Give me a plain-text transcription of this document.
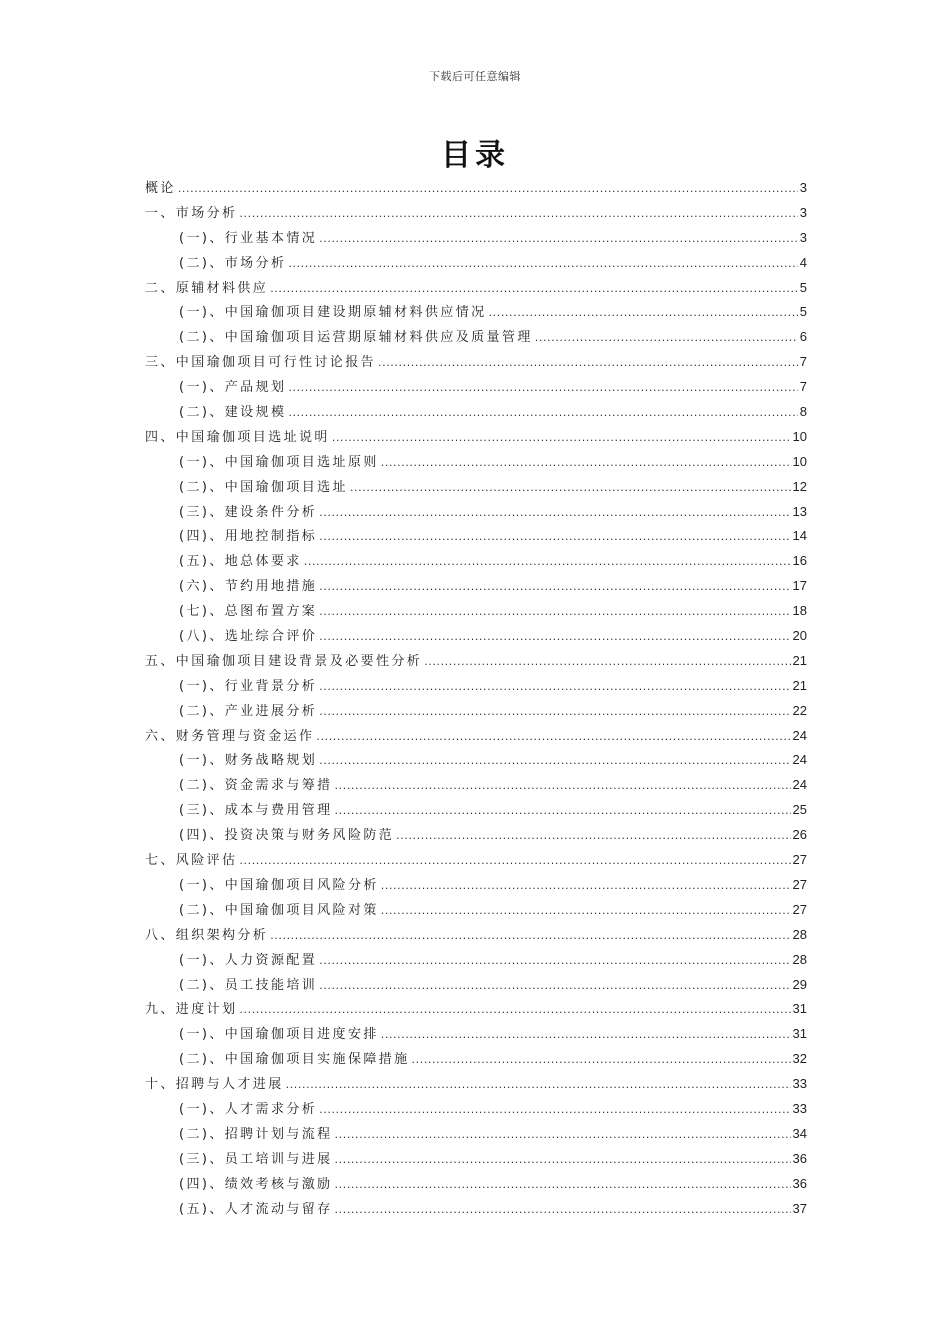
下载后可任意编辑
目录
概论 .....	3
一、市场分析 .....	3
(一)、行业基本情况 .....	3
(二)、市场分析 .....	4
二、原辅材料供应 .....	5
(一)、中国瑜伽项目建设期原辅材料供应情况 .....	5
(二)、中国瑜伽项目运营期原辅材料供应及质量管理 .....	6
三、中国瑜伽项目可行性讨论报告 .....	7
(一)、产品规划 .....	7
(二)、建设规模 .....	8
四、中国瑜伽项目选址说明 .....	10
(一)、中国瑜伽项目选址原则 .....	10
(二)、中国瑜伽项目选址 .....	12
(三)、建设条件分析 .....	13
(四)、用地控制指标 .....	14
(五)、地总体要求 .....	16
(六)、节约用地措施 .....	17
(七)、总图布置方案 .....	18
(八)、选址综合评价 .....	20
五、中国瑜伽项目建设背景及必要性分析 .....	21
(一)、行业背景分析 .....	21
(二)、产业进展分析 .....	22
六、财务管理与资金运作 .....	24
(一)、财务战略规划 .....	24
(二)、资金需求与筹措 .....	24
(三)、成本与费用管理 .....	25
(四)、投资决策与财务风险防范 .....	26
七、风险评估 .....	27
(一)、中国瑜伽项目风险分析 .....	27
(二)、中国瑜伽项目风险对策 .....	27
八、组织架构分析 .....	28
(一)、人力资源配置 .....	28
(二)、员工技能培训 .....	29
九、进度计划 .....	31
(一)、中国瑜伽项目进度安排 .....	31
(二)、中国瑜伽项目实施保障措施 .....	32
十、招聘与人才进展 .....	33
(一)、人才需求分析 .....	33
(二)、招聘计划与流程 .....	34
(三)、员工培训与进展 .....	36
(四)、绩效考核与激励 .....	36
(五)、人才流动与留存 .....	37
